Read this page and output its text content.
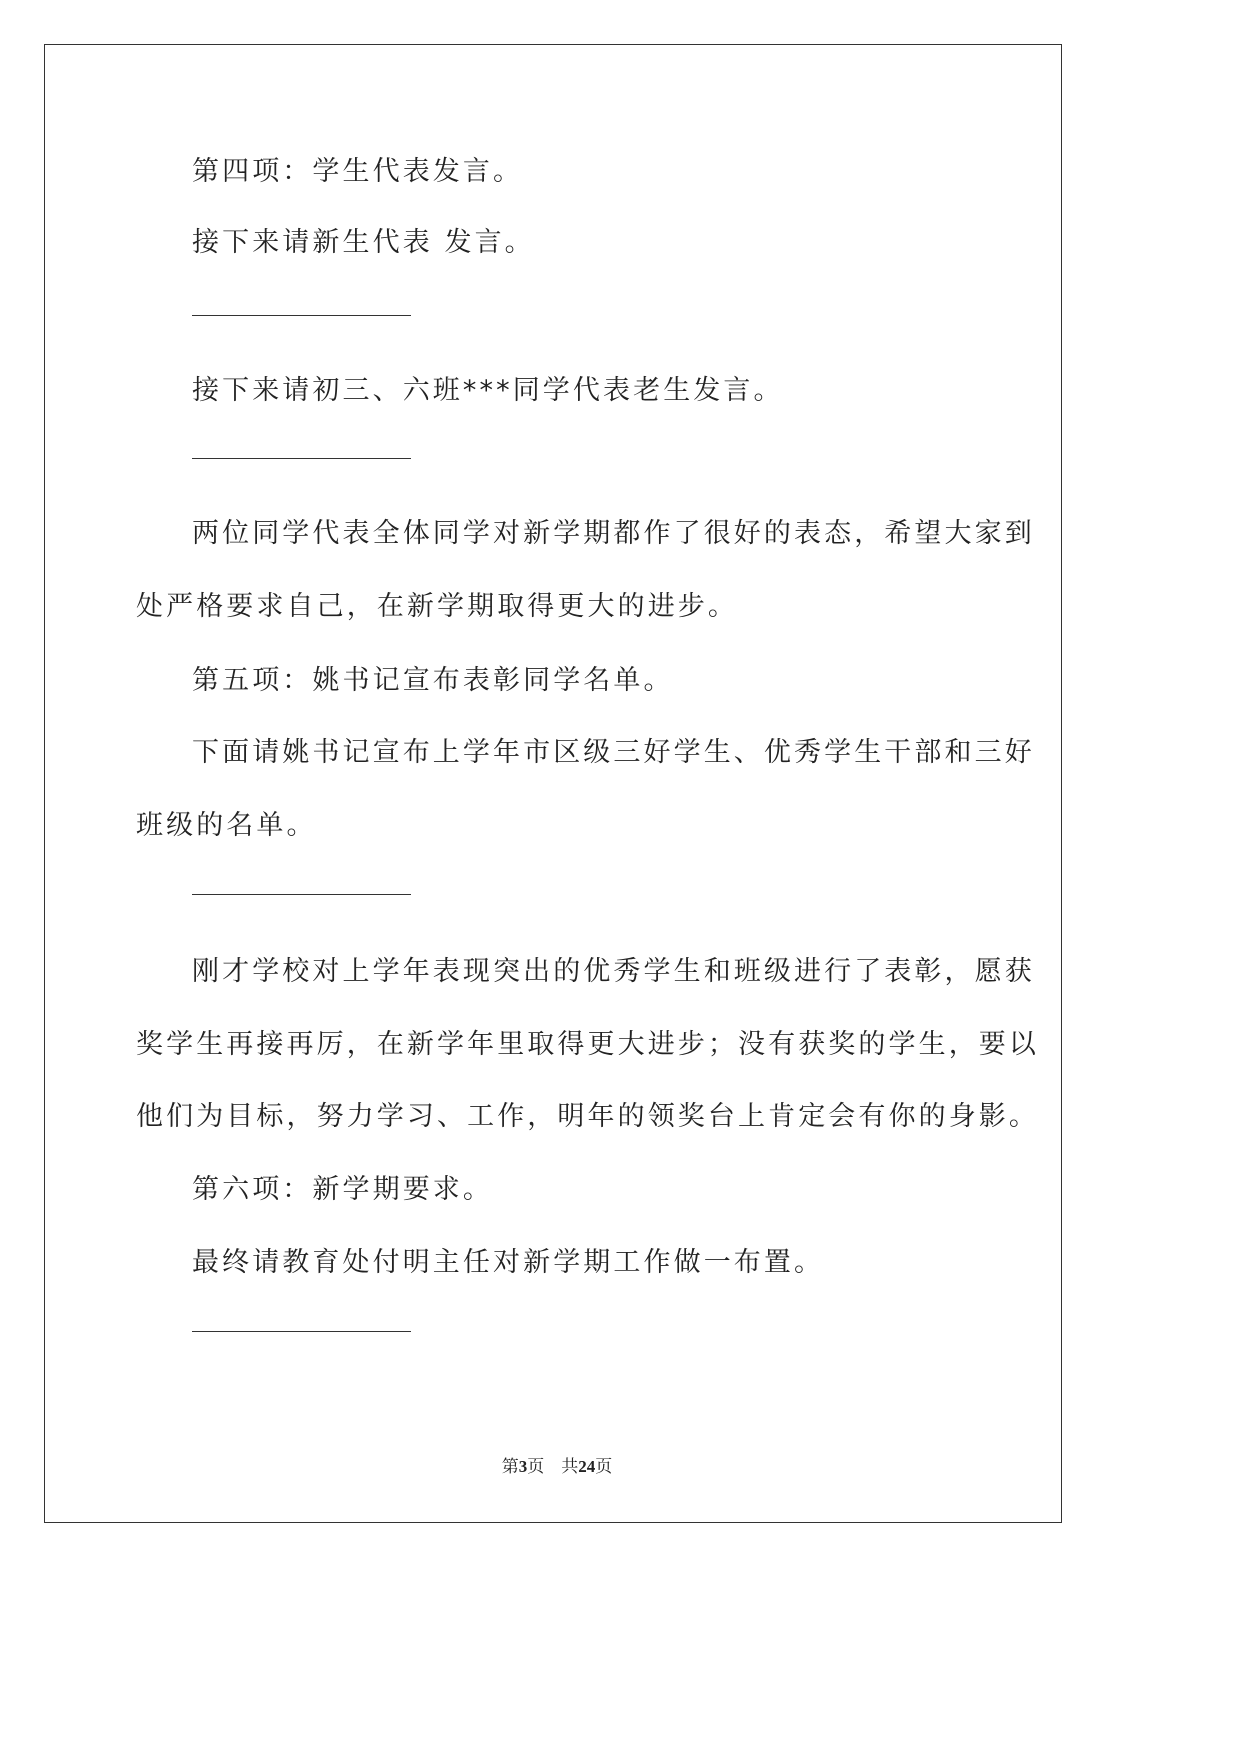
第四项：学生代表发言。
接下来请新生代表 发言。
接下来请初三、六班***同学代表老生发言。
两位同学代表全体同学对新学期都作了很好的表态，希望大家到
处严格要求自己，在新学期取得更大的进步。
第五项：姚书记宣布表彰同学名单。
下面请姚书记宣布上学年市区级三好学生、优秀学生干部和三好
班级的名单。
刚才学校对上学年表现突出的优秀学生和班级进行了表彰，愿获
奖学生再接再厉，在新学年里取得更大进步；没有获奖的学生，要以
他们为目标，努力学习、工作，明年的领奖台上肯定会有你的身影。
第六项：新学期要求。
最终请教育处付明主任对新学期工作做一布置。
第3页　共24页
